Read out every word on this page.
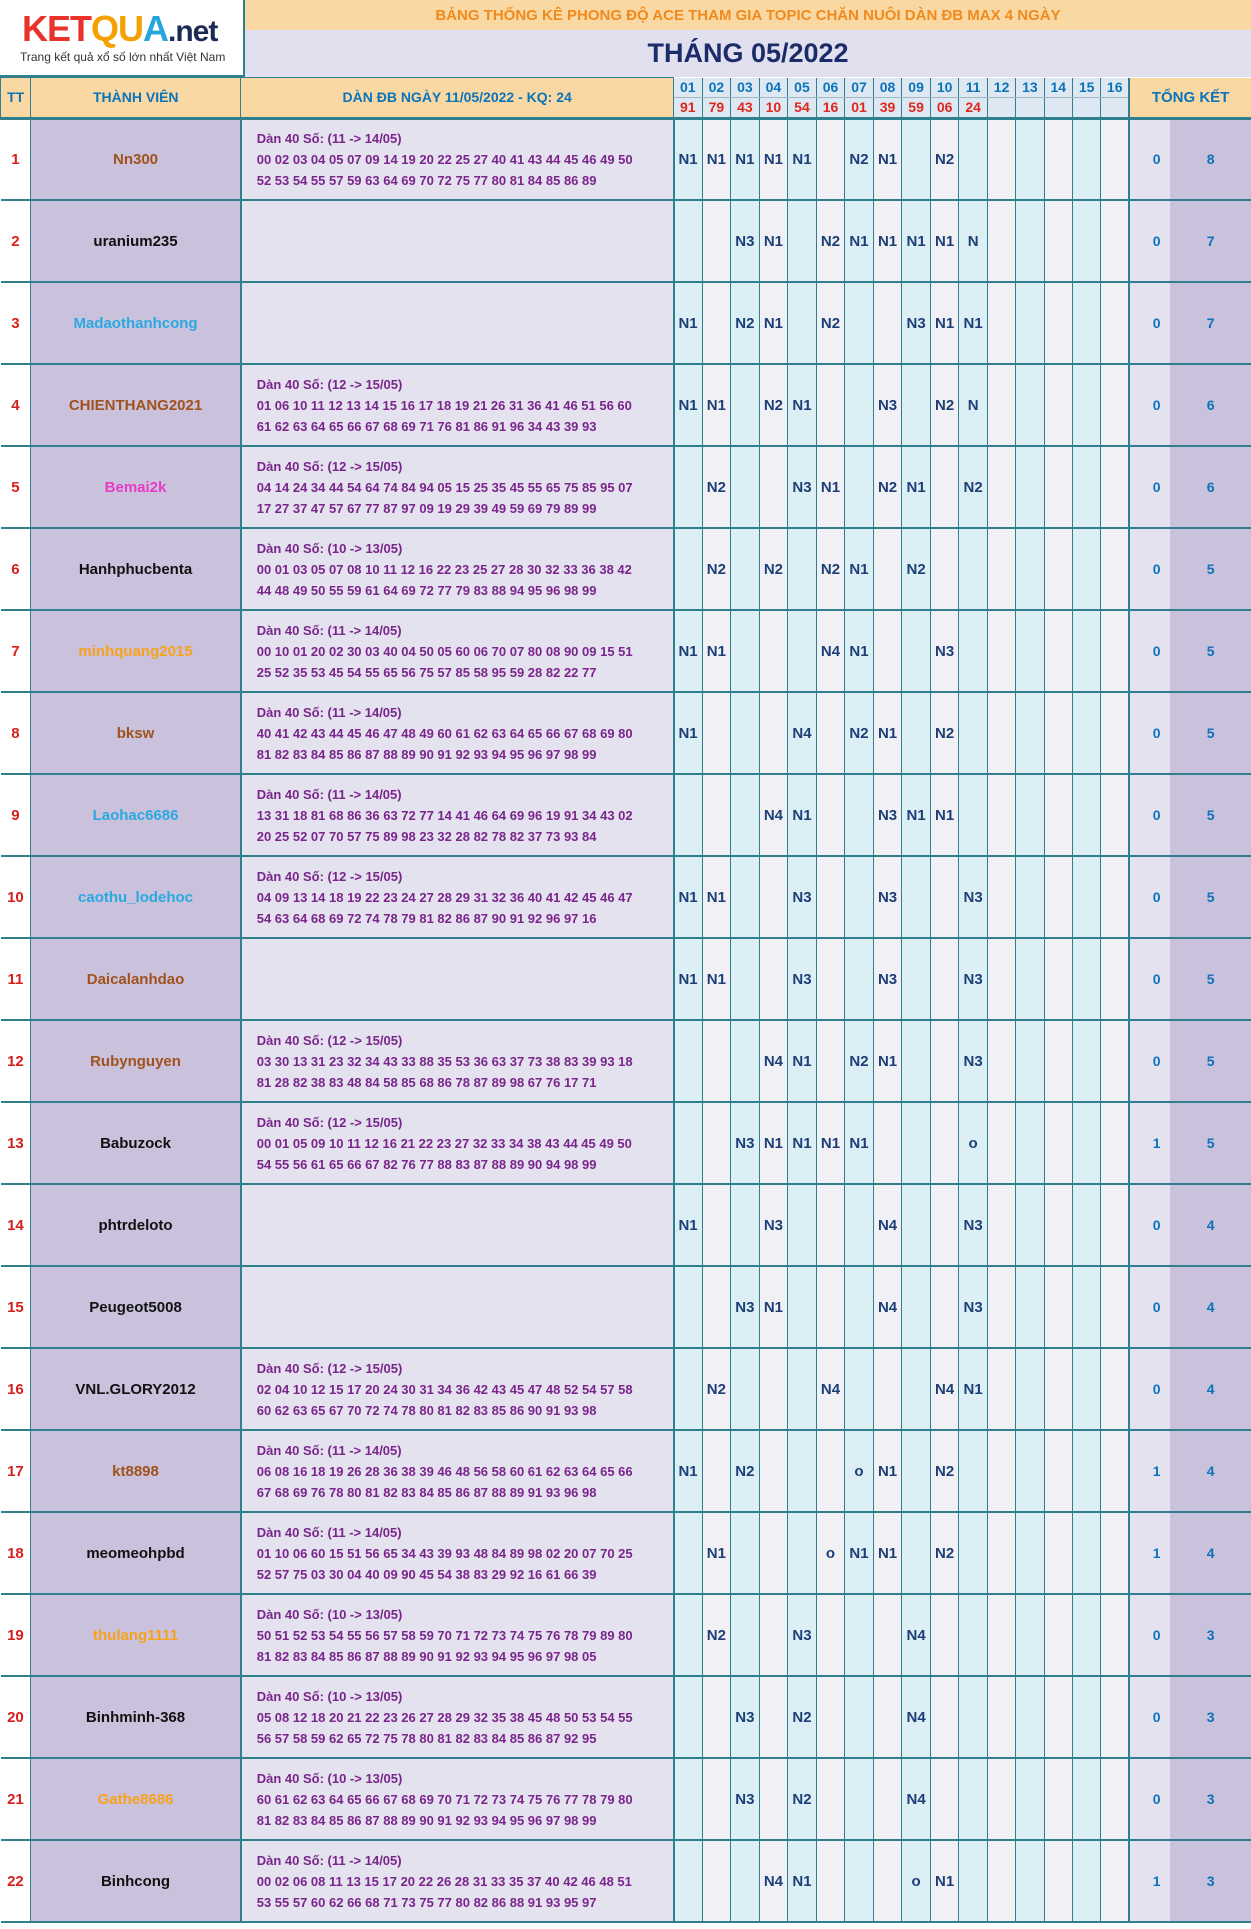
KETQUA.net
Trang kết quả xổ số lớn nhất Việt Nam
BẢNG THỐNG KÊ PHONG ĐỘ ACE THAM GIA TOPIC CHĂN NUÔI DÀN ĐB MAX 4 NGÀY
THÁNG 05/2022
TT	THÀNH VIÊN	DÀN ĐB NGÀY 11/05/2022 - KQ: 24	01	02	03	04	05	06	07	08	09	10	11	12	13	14	15	16	TỔNG KẾT		
			91	79	43	10	54	16	01	39	59	06	24								
1	Nn300	Dàn 40 Số: (11 -> 14/05)
00 02 03 04 05 07 09 14 19 20 22 25 27 40 41 43 44 45 46 49 50
52 53 54 55 57 59 63 64 69 70 72 75 77 80 81 84 85 86 89	N1	N1	N1	N1	N1		N2	N1		N2								0	8
2	uranium235				N3	N1		N2	N1	N1	N1	N1	N							0	7
3	Madaothanhcong		N1		N2	N1		N2			N3	N1	N1							0	7
4	CHIENTHANG2021	Dàn 40 Số: (12 -> 15/05)
01 06 10 11 12 13 14 15 16 17 18 19 21 26 31 36 41 46 51 56 60
61 62 63 64 65 66 67 68 69 71 76 81 86 91 96 34 43 39 93	N1	N1		N2	N1			N3		N2	N							0	6
5	Bemai2k	Dàn 40 Số: (12 -> 15/05)
04 14 24 34 44 54 64 74 84 94 05 15 25 35 45 55 65 75 85 95 07
17 27 37 47 57 67 77 87 97 09 19 29 39 49 59 69 79 89 99		N2			N3	N1		N2	N1		N2							0	6
6	Hanhphucbenta	Dàn 40 Số: (10 -> 13/05)
00 01 03 05 07 08 10 11 12 16 22 23 25 27 28 30 32 33 36 38 42
44 48 49 50 55 59 61 64 69 72 77 79 83 88 94 95 96 98 99		N2		N2		N2	N1		N2									0	5
7	minhquang2015	Dàn 40 Số: (11 -> 14/05)
00 10 01 20 02 30 03 40 04 50 05 60 06 70 07 80 08 90 09 15 51
25 52 35 53 45 54 55 65 56 75 57 85 58 95 59 28 82 22 77	N1	N1				N4	N1			N3								0	5
8	bksw	Dàn 40 Số: (11 -> 14/05)
40 41 42 43 44 45 46 47 48 49 60 61 62 63 64 65 66 67 68 69 80
81 82 83 84 85 86 87 88 89 90 91 92 93 94 95 96 97 98 99	N1				N4		N2	N1		N2								0	5
9	Laohac6686	Dàn 40 Số: (11 -> 14/05)
13 31 18 81 68 86 36 63 72 77 14 41 46 64 69 96 19 91 34 43 02
20 25 52 07 70 57 75 89 98 23 32 28 82 78 82 37 73 93 84				N4	N1			N3	N1	N1								0	5
10	caothu_lodehoc	Dàn 40 Số: (12 -> 15/05)
04 09 13 14 18 19 22 23 24 27 28 29 31 32 36 40 41 42 45 46 47
54 63 64 68 69 72 74 78 79 81 82 86 87 90 91 92 96 97 16	N1	N1			N3			N3			N3							0	5
11	Daicalanhdao		N1	N1			N3			N3			N3							0	5
12	Rubynguyen	Dàn 40 Số: (12 -> 15/05)
03 30 13 31 23 32 34 43 33 88 35 53 36 63 37 73 38 83 39 93 18
81 28 82 38 83 48 84 58 85 68 86 78 87 89 98 67 76 17 71				N4	N1		N2	N1			N3							0	5
13	Babuzock	Dàn 40 Số: (12 -> 15/05)
00 01 05 09 10 11 12 16 21 22 23 27 32 33 34 38 43 44 45 49 50
54 55 56 61 65 66 67 82 76 77 88 83 87 88 89 90 94 98 99			N3	N1	N1	N1	N1				o							1	5
14	phtrdeloto		N1			N3				N4			N3							0	4
15	Peugeot5008				N3	N1				N4			N3							0	4
16	VNL.GLORY2012	Dàn 40 Số: (12 -> 15/05)
02 04 10 12 15 17 20 24 30 31 34 36 42 43 45 47 48 52 54 57 58
60 62 63 65 67 70 72 74 78 80 81 82 83 85 86 90 91 93 98		N2				N4				N4	N1							0	4
17	kt8898	Dàn 40 Số: (11 -> 14/05)
06 08 16 18 19 26 28 36 38 39 46 48 56 58 60 61 62 63 64 65 66
67 68 69 76 78 80 81 82 83 84 85 86 87 88 89 91 93 96 98	N1		N2				o	N1		N2								1	4
18	meomeohpbd	Dàn 40 Số: (11 -> 14/05)
01 10 06 60 15 51 56 65 34 43 39 93 48 84 89 98 02 20 07 70 25
52 57 75 03 30 04 40 09 90 45 54 38 83 29 92 16 61 66 39		N1				o	N1	N1		N2								1	4
19	thulang1111	Dàn 40 Số: (10 -> 13/05)
50 51 52 53 54 55 56 57 58 59 70 71 72 73 74 75 76 78 79 89 80
81 82 83 84 85 86 87 88 89 90 91 92 93 94 95 96 97 98 05		N2			N3				N4									0	3
20	Binhminh-368	Dàn 40 Số: (10 -> 13/05)
05 08 12 18 20 21 22 23 26 27 28 29 32 35 38 45 48 50 53 54 55
56 57 58 59 62 65 72 75 78 80 81 82 83 84 85 86 87 92 95			N3		N2				N4									0	3
21	Gathe8686	Dàn 40 Số: (10 -> 13/05)
60 61 62 63 64 65 66 67 68 69 70 71 72 73 74 75 76 77 78 79 80
81 82 83 84 85 86 87 88 89 90 91 92 93 94 95 96 97 98 99			N3		N2				N4									0	3
22	Binhcong	Dàn 40 Số: (11 -> 14/05)
00 02 06 08 11 13 15 17 20 22 26 28 31 33 35 37 40 42 46 48 51
53 55 57 60 62 66 68 71 73 75 77 80 82 86 88 91 93 95 97				N4	N1				o	N1								1	3
